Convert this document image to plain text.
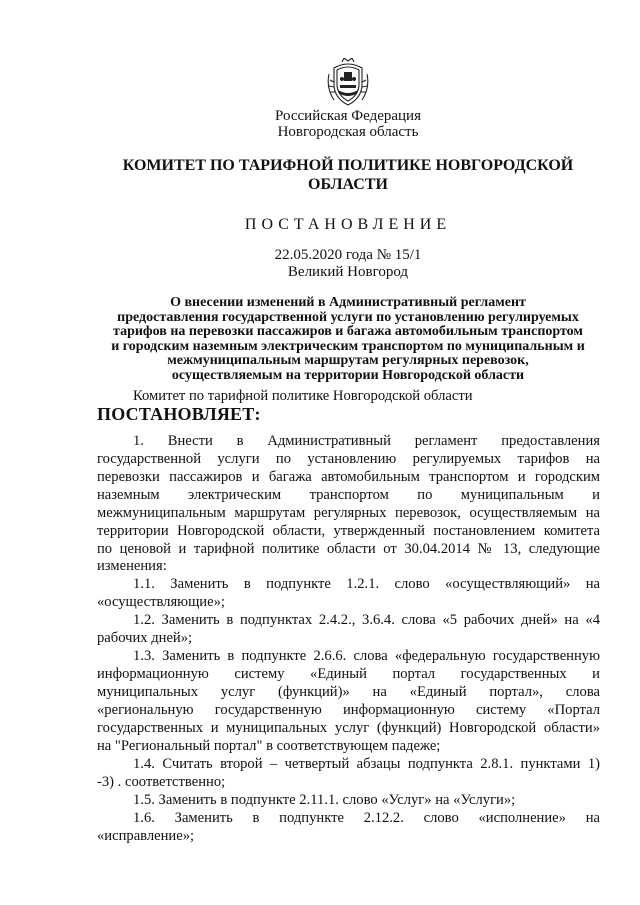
Российская Федерация
Новгородская область
КОМИТЕТ ПО ТАРИФНОЙ ПОЛИТИКЕ НОВГОРОДСКОЙ
ОБЛАСТИ
ПОСТАНОВЛЕНИЕ
22.05.2020 года № 15/1
Великий Новгород
О внесении изменений в Административный регламент
предоставления государственной услуги по установлению регулируемых
тарифов на перевозки пассажиров и багажа автомобильным транспортом
и городским наземным электрическим транспортом по муниципальным и
межмуниципальным маршрутам регулярных перевозок,
осуществляемым на территории Новгородской области
Комитет по тарифной политике Новгородской области
ПОСТАНОВЛЯЕТ:
1. Внести в Административный регламент предоставления
государственной услуги по установлению регулируемых тарифов на
перевозки пассажиров и багажа автомобильным транспортом и городским
наземным электрическим транспортом по муниципальным и
межмуниципальным маршрутам регулярных перевозок, осуществляемым на
территории Новгородской области, утвержденный постановлением комитета
по ценовой и тарифной политике области от 30.04.2014 № 13, следующие
изменения:
1.1. Заменить в подпункте 1.2.1. слово «осуществляющий» на
«осуществляющие»;
1.2. Заменить в подпунктах 2.4.2., 3.6.4. слова «5 рабочих дней» на «4
рабочих дней»;
1.3. Заменить в подпункте 2.6.6. слова «федеральную государственную
информационную систему «Единый портал государственных и
муниципальных услуг (функций)» на «Единый портал», слова
«региональную государственную информационную систему «Портал
государственных и муниципальных услуг (функций) Новгородской области»
на "Региональный портал" в соответствующем падеже;
1.4. Считать второй – четвертый абзацы подпункта 2.8.1. пунктами 1)
-3) . соответственно;
1.5. Заменить в подпункте 2.11.1. слово «Услуг» на «Услуги»;
1.6. Заменить в подпункте 2.12.2. слово «исполнение» на
«исправление»;
